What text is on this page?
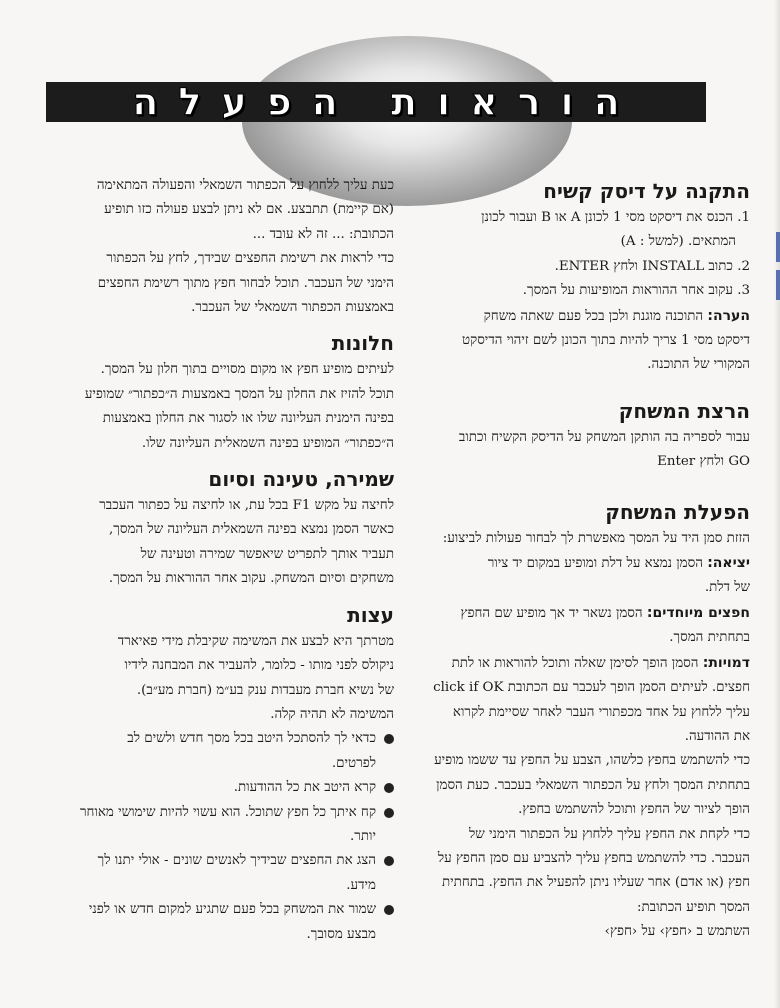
הוראות הפעלה
התקנה על דיסק קשיח

1. הכנס את דיסקט מסי 1 לכונן A או B ועבור לכונן

המתאים. (למשל : A)

2. כתוב INSTALL ולחץ ENTER.

3. עקוב אחר ההוראות המופיעות על המסך.

הערה: התוכנה מוגנת ולכן בכל פעם שאתה משחק

דיסקט מסי 1 צריך להיות בתוך הכונן לשם זיהוי הדיסקט

המקורי של התוכנה.

הרצת המשחק

עבור לספריה בה הותקן המשחק על הדיסק הקשיח וכתוב

GO ולחץ Enter

הפעלת המשחק

הזזת סמן היד על המסך מאפשרת לך לבחור פעולות לביצוע:

יציאה: הסמן נמצא על דלת ומופיע במקום יד ציור

של דלת.

חפצים מיוחדים: הסמן נשאר יד אך מופיע שם החפץ

בתחתית המסך.

דמויות: הסמן הופך לסימן שאלה ותוכל להוראות או לתת

חפצים. לעיתים הסמן הופך לעכבר עם הכתובת click if OK

עליך ללחוץ על אחד מכפתורי העבר לאחר שסיימת לקרוא

את ההודעה.

כדי להשתמש בחפץ כלשהו, הצבע על החפץ עד ששמו מופיע

בתחתית המסך ולחץ על הכפתור השמאלי בעכבר. כעת הסמן

הופך לציור של החפץ ותוכל להשתמש בחפץ.

כדי לקחת את החפץ עליך ללחוץ על הכפתור הימני של

העכבר. כדי להשתמש בחפץ עליך להצביע עם סמן החפץ על

חפץ (או אדם) אחר שעליו ניתן להפעיל את החפץ. בתחתית

המסך תופיע הכתובת:

השתמש ב ‹חפץ› על ‹חפץ›

כעת עליך ללחוץ על הכפתור השמאלי והפעולה המתאימה

(אם קיימת) תתבצע. אם לא ניתן לבצע פעולה כזו תופיע

הכתובת: ... זה לא עובד ...

כדי לראות את רשימת החפצים שבידך, לחץ על הכפתור

הימני של העכבר. תוכל לבחור חפץ מתוך רשימת החפצים

באמצעות הכפתור השמאלי של העכבר.

חלונות

לעיתים מופיע חפץ או מקום מסויים בתוך חלון על המסך.

תוכל להזיז את החלון על המסך באמצעות ה״כפתור״ שמופיע

בפינה הימנית העליונה שלו או לסגור את החלון באמצעות

ה״כפתור״ המופיע בפינה השמאלית העליונה שלו.

שמירה, טעינה וסיום

לחיצה על מקש F1 בכל עת, או לחיצה על כפתור העכבר

כאשר הסמן נמצא בפינה השמאלית העליונה של המסך,

תעביר אותך לתפריט שיאפשר שמירה וטעינה של

משחקים וסיום המשחק. עקוב אחר ההוראות על המסך.

עצות

מטרתך היא לבצע את המשימה שקיבלת מידי פאיארד

ניקולס לפני מותו - כלומר, להעביר את המבחנה לידיו

של נשיא חברת מעבדות ענק בע״מ (חברת מע״ב).

המשימה לא תהיה קלה.

כדאי לך להסתכל היטב בכל מסך חדש ולשים לב
לפרטים.
קרא היטב את כל ההודעות.
קח איתך כל חפץ שתוכל. הוא עשוי להיות שימושי מאוחר
יותר.
הצג את החפצים שבידיך לאנשים שונים - אולי יתנו לך
מידע.
שמור את המשחק בכל פעם שתגיע למקום חדש או לפני
מבצע מסובך.
